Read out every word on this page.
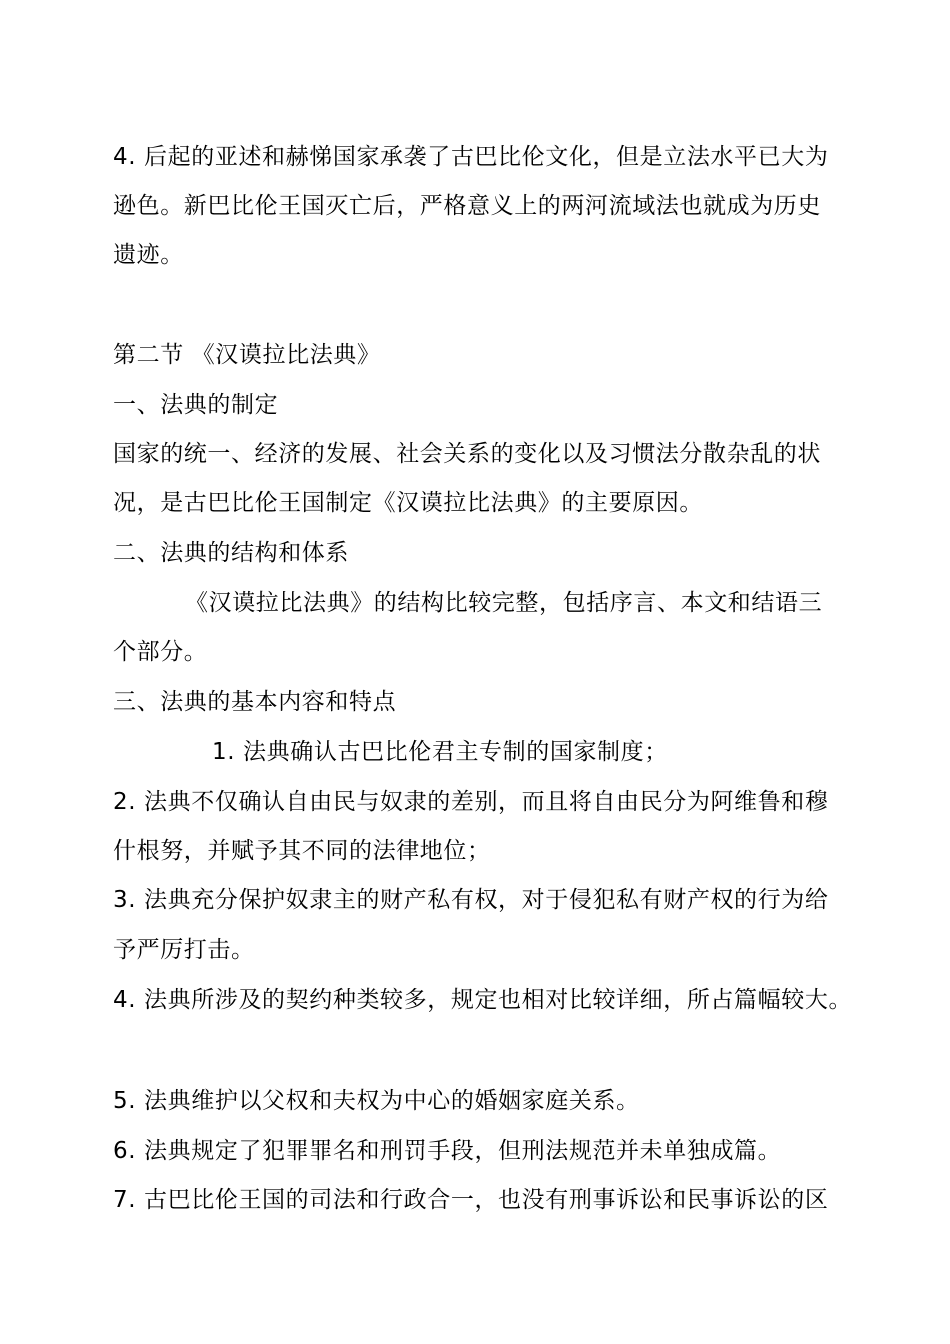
4. 后起的亚述和赫悌国家承袭了古巴比伦文化，但是立法水平已大为
逊色。新巴比伦王国灭亡后，严格意义上的两河流域法也就成为历史
遗迹。
第二节 《汉谟拉比法典》
一、法典的制定
国家的统一、经济的发展、社会关系的变化以及习惯法分散杂乱的状
况，是古巴比伦王国制定《汉谟拉比法典》的主要原因。
二、法典的结构和体系
《汉谟拉比法典》的结构比较完整，包括序言、本文和结语三
个部分。
三、法典的基本内容和特点
1. 法典确认古巴比伦君主专制的国家制度；
2. 法典不仅确认自由民与奴隶的差别，而且将自由民分为阿维鲁和穆
什根努，并赋予其不同的法律地位；
3. 法典充分保护奴隶主的财产私有权，对于侵犯私有财产权的行为给
予严厉打击。
4. 法典所涉及的契约种类较多，规定也相对比较详细，所占篇幅较大。
5. 法典维护以父权和夫权为中心的婚姻家庭关系。
6. 法典规定了犯罪罪名和刑罚手段，但刑法规范并未单独成篇。
7. 古巴比伦王国的司法和行政合一，也没有刑事诉讼和民事诉讼的区
